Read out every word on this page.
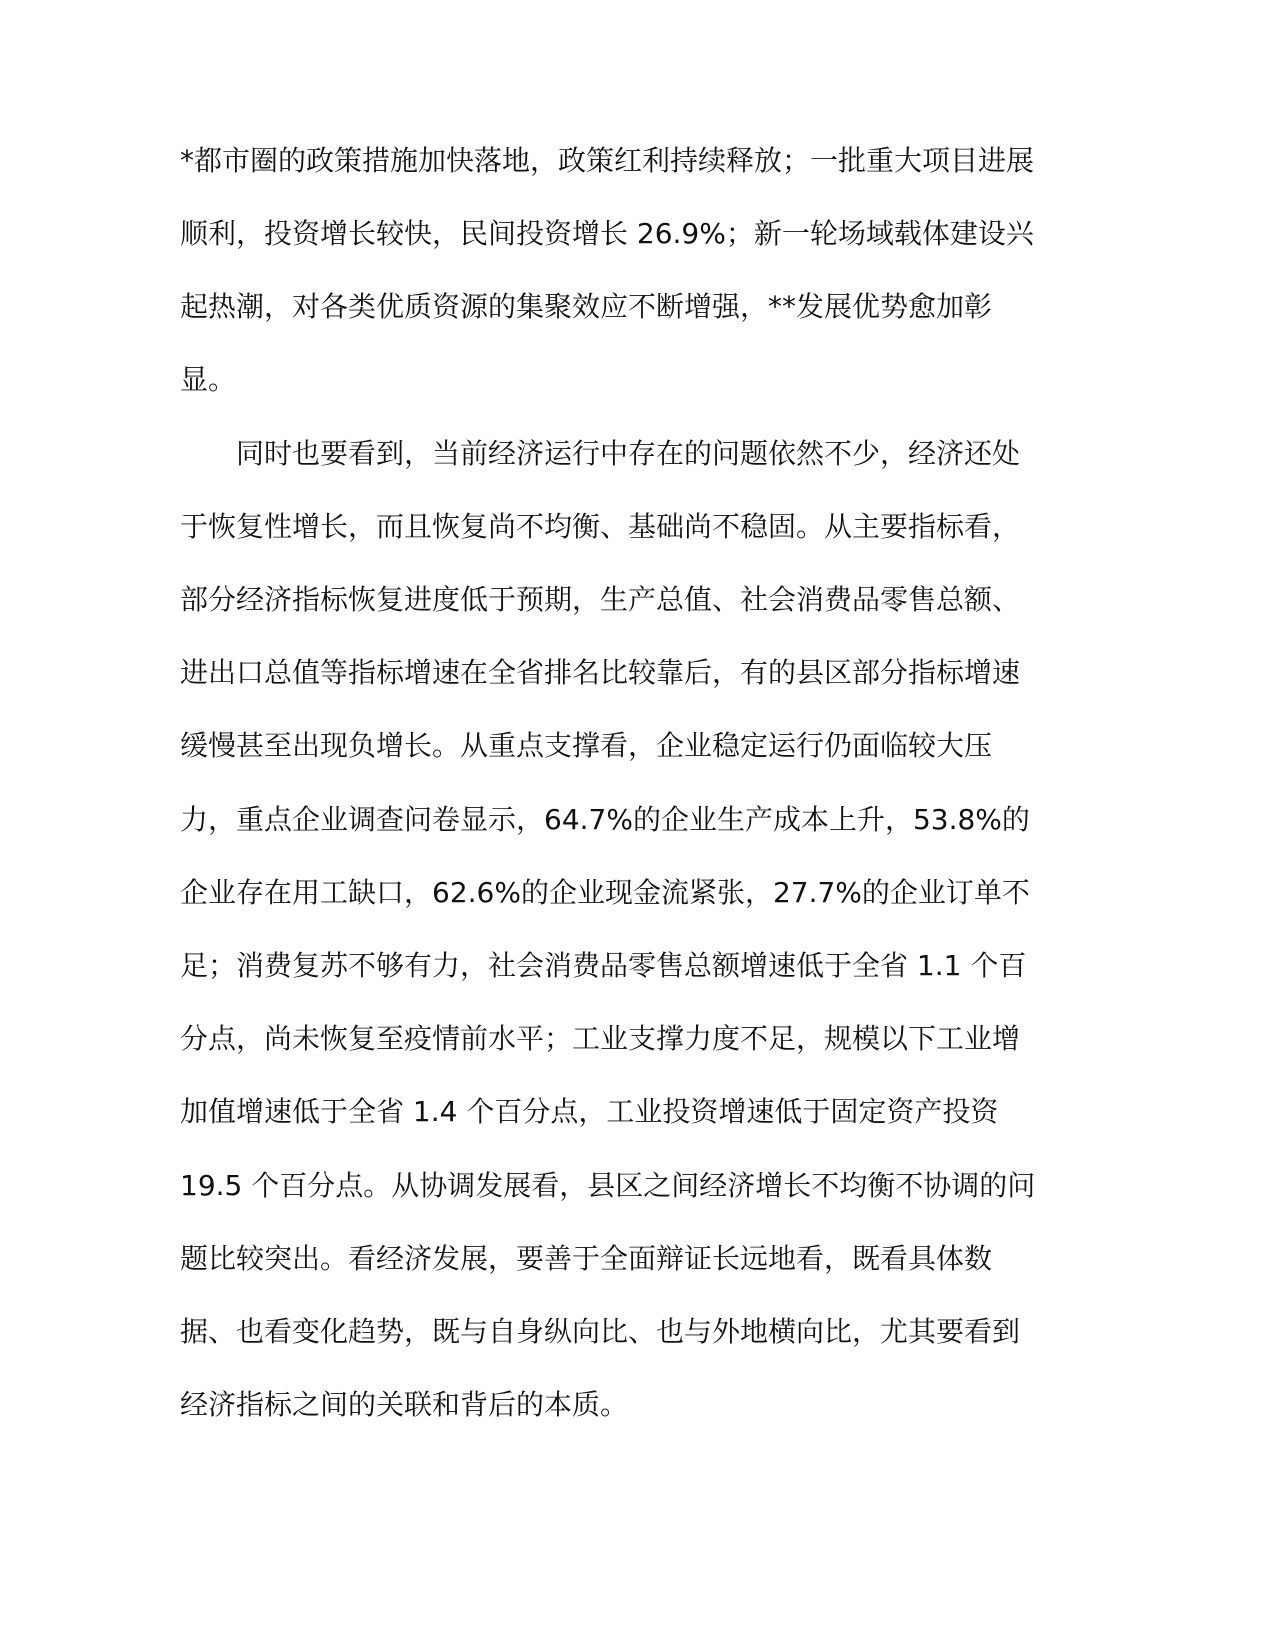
*都市圈的政策措施加快落地，政策红利持续释放；一批重大项目进展

顺利，投资增长较快，民间投资增长 26.9%；新一轮场域载体建设兴

起热潮，对各类优质资源的集聚效应不断增强，**发展优势愈加彰

显。

同时也要看到，当前经济运行中存在的问题依然不少，经济还处

于恢复性增长，而且恢复尚不均衡、基础尚不稳固。从主要指标看，

部分经济指标恢复进度低于预期，生产总值、社会消费品零售总额、

进出口总值等指标增速在全省排名比较靠后，有的县区部分指标增速

缓慢甚至出现负增长。从重点支撑看，企业稳定运行仍面临较大压

力，重点企业调查问卷显示，64.7%的企业生产成本上升，53.8%的

企业存在用工缺口，62.6%的企业现金流紧张，27.7%的企业订单不

足；消费复苏不够有力，社会消费品零售总额增速低于全省 1.1 个百

分点，尚未恢复至疫情前水平；工业支撑力度不足，规模以下工业增

加值增速低于全省 1.4 个百分点，工业投资增速低于固定资产投资

19.5 个百分点。从协调发展看，县区之间经济增长不均衡不协调的问

题比较突出。看经济发展，要善于全面辩证长远地看，既看具体数

据、也看变化趋势，既与自身纵向比、也与外地横向比，尤其要看到

经济指标之间的关联和背后的本质。
